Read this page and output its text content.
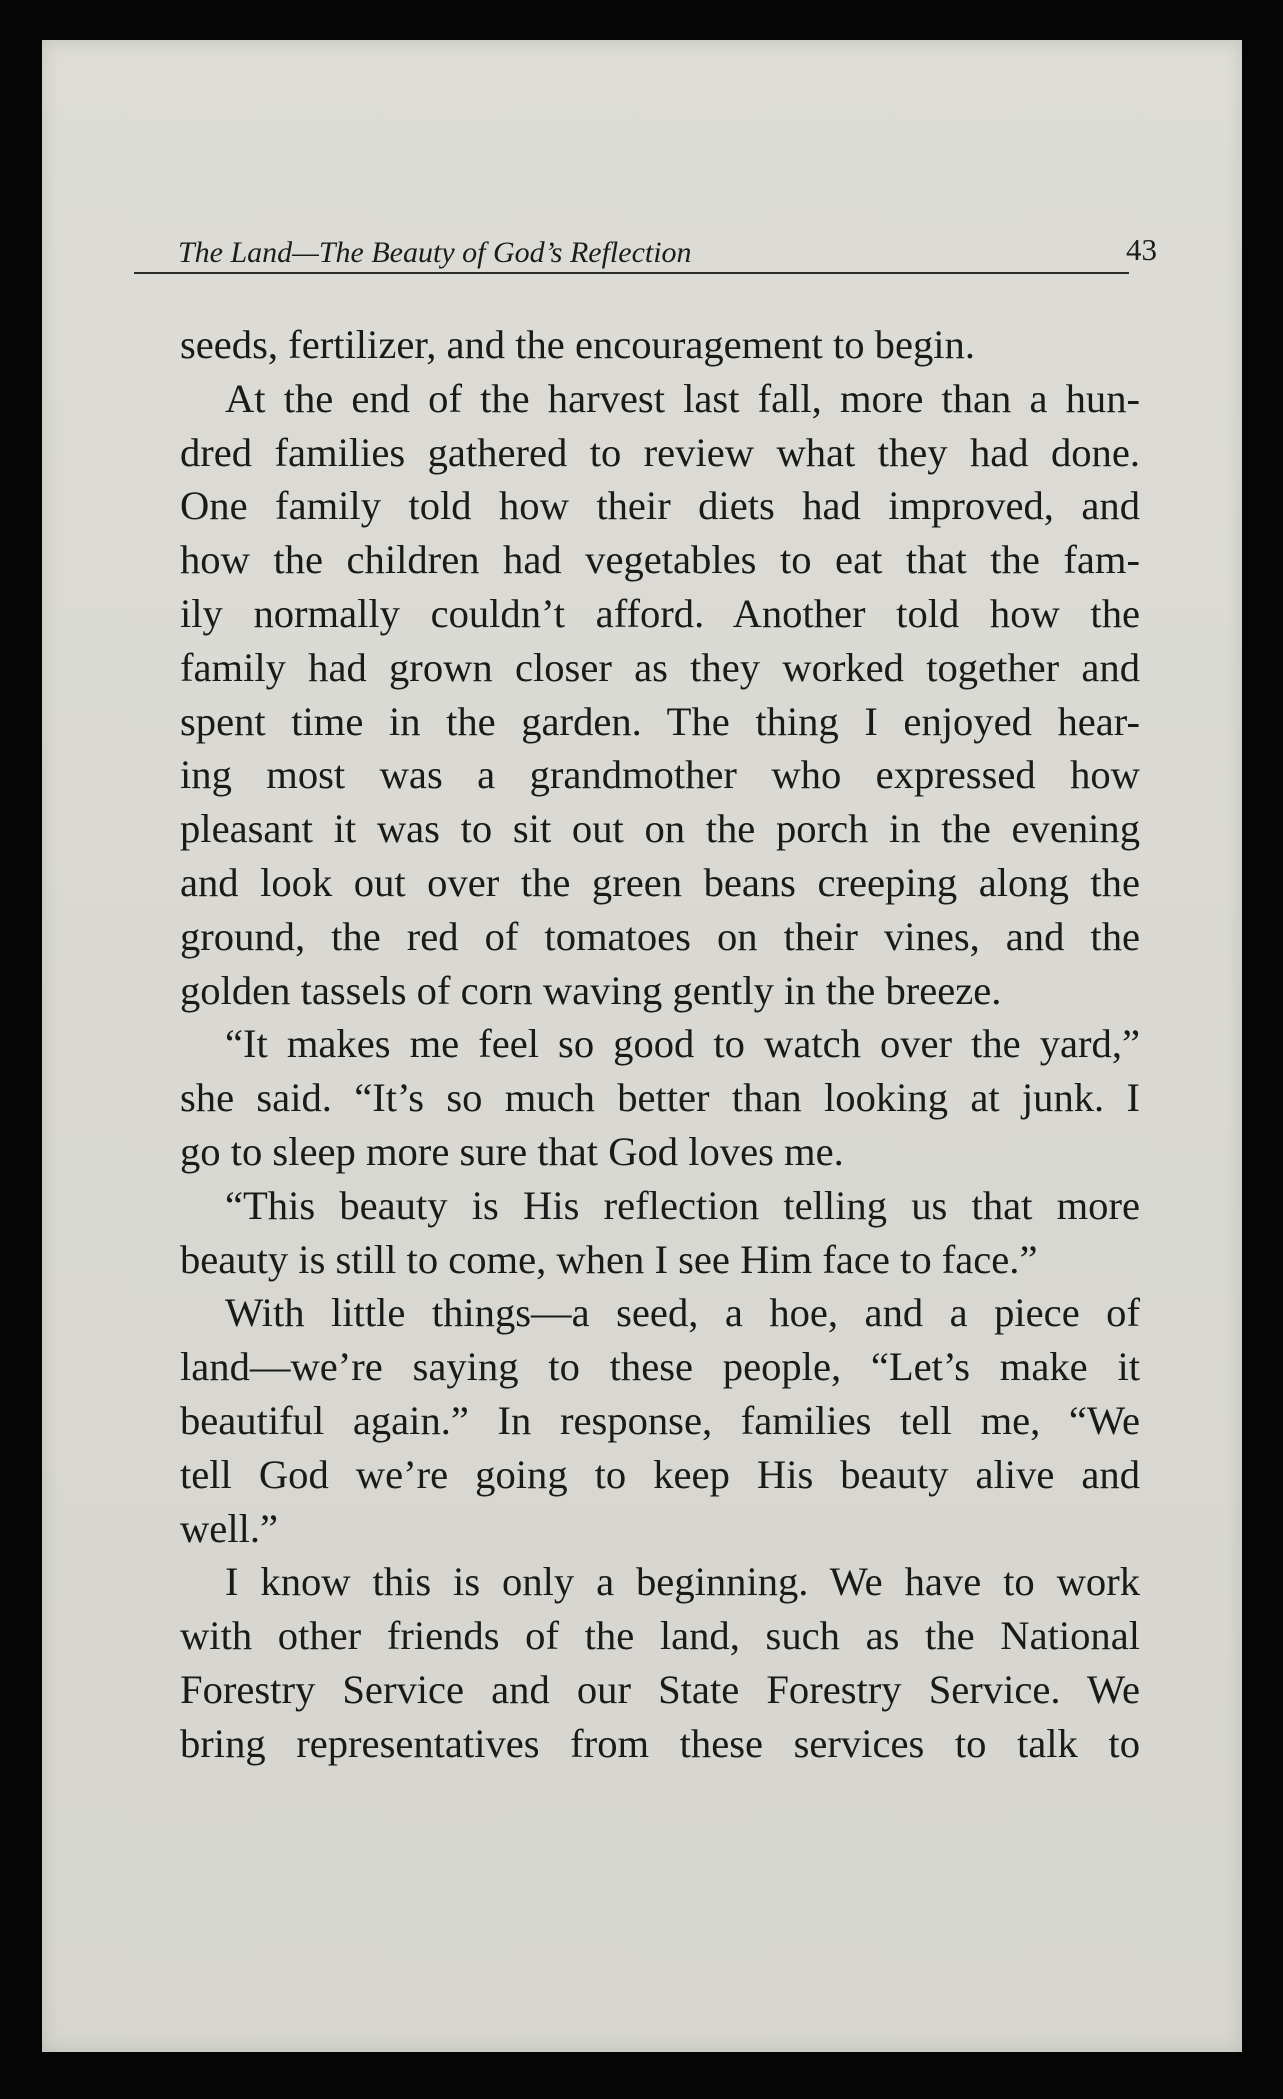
The Land—The Beauty of God’s Reflection	43
seeds, fertilizer, and the encouragement to begin.
At the end of the harvest last fall, more than a hun-
dred families gathered to review what they had done.
One family told how their diets had improved, and
how the children had vegetables to eat that the fam-
ily normally couldn’t afford. Another told how the
family had grown closer as they worked together and
spent time in the garden. The thing I enjoyed hear-
ing most was a grandmother who expressed how
pleasant it was to sit out on the porch in the evening
and look out over the green beans creeping along the
ground, the red of tomatoes on their vines, and the
golden tassels of corn waving gently in the breeze.
“It makes me feel so good to watch over the yard,”
she said. “It’s so much better than looking at junk. I
go to sleep more sure that God loves me.
“This beauty is His reflection telling us that more
beauty is still to come, when I see Him face to face.”
With little things—a seed, a hoe, and a piece of
land—we’re saying to these people, “Let’s make it
beautiful again.” In response, families tell me, “We
tell God we’re going to keep His beauty alive and
well.”
I know this is only a beginning. We have to work
with other friends of the land, such as the National
Forestry Service and our State Forestry Service. We
bring representatives from these services to talk to
